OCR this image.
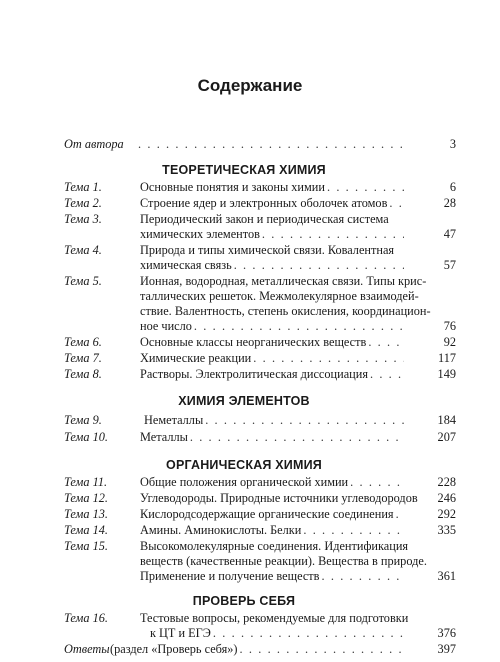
Содержание
От автора . . .	3
ТЕОРЕТИЧЕСКАЯ ХИМИЯ
Тема 1.	Основные понятия и законы химии . . .	6
Тема 2.	Строение ядер и электронных оболочек атомов . . .	28
Тема 3.	Периодический закон и периодическая система
химических элементов . . .	47
Тема 4.	Природа и типы химической связи. Ковалентная
химическая связь . . .	57
Тема 5.	Ионная, водородная, металлическая связи. Типы крис-
таллических решеток. Межмолекулярное взаимодей-
ствие. Валентность, степень окисления, координацион-
ное число . . .	76
Тема 6.	Основные классы неорганических веществ . . .	92
Тема 7.	Химические реакции . . .	117
Тема 8.	Растворы. Электролитическая диссоциация . . .	149
ХИМИЯ ЭЛЕМЕНТОВ
Тема 9.	Неметаллы . . .	184
Тема 10.	Металлы . . .	207
ОРГАНИЧЕСКАЯ ХИМИЯ
Тема 11.	Общие положения органической химии . . .	228
Тема 12.	Углеводороды. Природные источники углеводородов	246
Тема 13.	Кислородсодержащие органические соединения . . .	292
Тема 14.	Амины. Аминокислоты. Белки . . .	335
Тема 15.	Высокомолекулярные соединения. Идентификация
веществ (качественные реакции). Вещества в природе.
Применение и получение веществ . . .	361
ПРОВЕРЬ СЕБЯ
Тема 16.	Тестовые вопросы, рекомендуемые для подготовки
к ЦТ и ЕГЭ . . .	376
Ответы (раздел «Проверь себя») . . .	397
